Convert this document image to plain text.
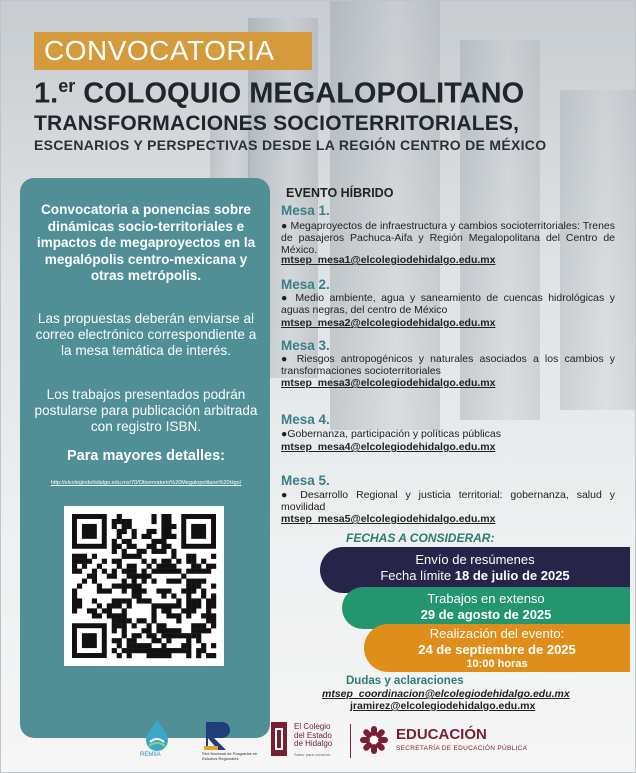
CONVOCATORIA
1.$^{er}$ COLOQUIO MEGALOPOLITANO
TRANSFORMACIONES SOCIOTERRITORIALES,
ESCENARIOS Y PERSPECTIVAS DESDE LA REGIÓN CENTRO DE MÉXICO
Convocatoria a ponencias sobre dinámicas socio-territoriales e impactos de megaproyectos en la megalópolis centro-mexicana y otras metrópolis.
Las propuestas deberán enviarse al correo electrónico correspondiente a la mesa temática de interés.
Los trabajos presentados podrán postularse para publicación arbitrada con registro ISBN.
Para mayores detalles:
http://elcolegiodehidalgo.edu.mx/70/Observatorio%20Megalopolitano%20Hgo/
EVENTO HÍBRIDO
Mesa 1.
● Megaproyectos de infraestructura y cambios socioterritoriales: Trenes de pasajeros Pachuca-Aifa y Región Megalopolitana del Centro de México.
mtsep_mesa1@elcolegiodehidalgo.edu.mx
Mesa 2.
● Medio ambiente, agua y saneamiento de cuencas hidrológicas y aguas negras, del centro de México
mtsep_mesa2@elcolegiodehidalgo.edu.mx
Mesa 3.
● Riesgos antropogénicos y naturales asociados a los cambios y transformaciones socioterritoriales
mtsep_mesa3@elcolegiodehidalgo.edu.mx
Mesa 4.
●Gobernanza, participación y políticas públicas
mtsep_mesa4@elcolegiodehidalgo.edu.mx
Mesa 5.
● Desarrollo Regional y justicia territorial: gobernanza, salud y movilidad
mtsep_mesa5@elcolegiodehidalgo.edu.mx
FECHAS A CONSIDERAR:
Envío de resúmenes
Fecha límite 18 de julio de 2025
Trabajos en extenso
29 de agosto de 2025
Realización del evento:
24 de septiembre de 2025
10:00 horas
Dudas y aclaraciones
mtsep_coordinacion@elcolegiodehidalgo.edu.mx
jramirez@elcolegiodehidalgo.edu.mx
REMIIA	Red Nacional de Posgrados en Estudios Regionales
El Colegio
del Estado
de Hidalgo
Saber para construir
EDUCACIÓN
SECRETARÍA DE EDUCACIÓN PÚBLICA
